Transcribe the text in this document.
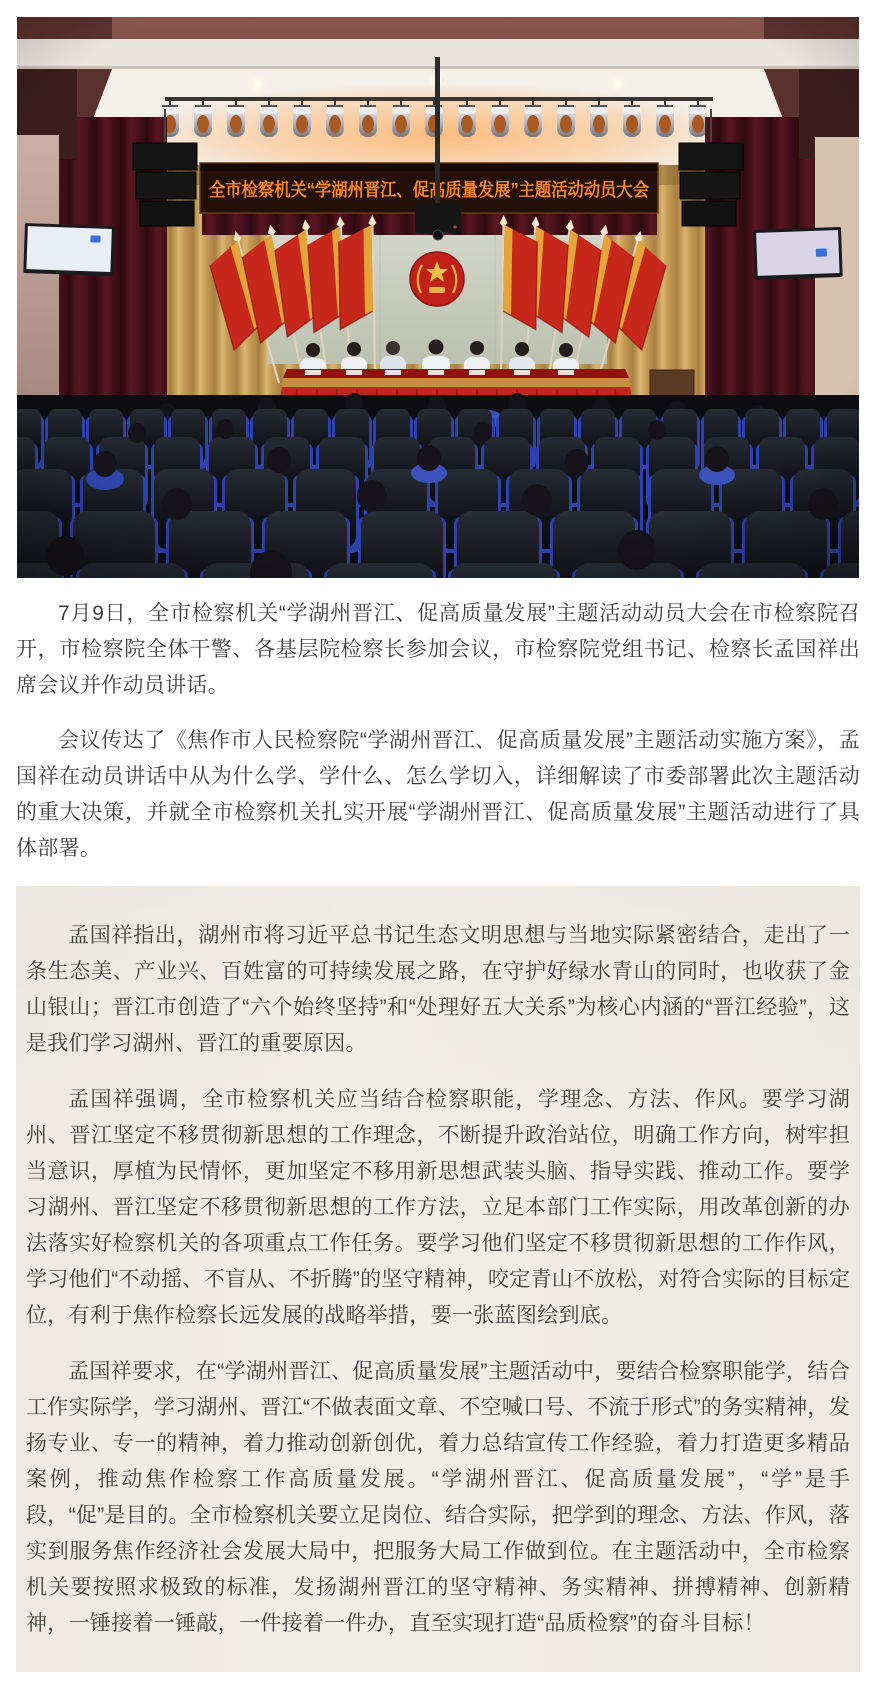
7月9日，全市检察机关“学湖州晋江、促高质量发展”主题活动动员大会在市检察院召开，市检察院全体干警、各基层院检察长参加会议，市检察院党组书记、检察长孟国祥出席会议并作动员讲话。

会议传达了《焦作市人民检察院“学湖州晋江、促高质量发展”主题活动实施方案》，孟国祥在动员讲话中从为什么学、学什么、怎么学切入，详细解读了市委部署此次主题活动的重大决策，并就全市检察机关扎实开展“学湖州晋江、促高质量发展”主题活动进行了具体部署。

孟国祥指出，湖州市将习近平总书记生态文明思想与当地实际紧密结合，走出了一条生态美、产业兴、百姓富的可持续发展之路，在守护好绿水青山的同时，也收获了金山银山；晋江市创造了“六个始终坚持”和“处理好五大关系”为核心内涵的“晋江经验”，这是我们学习湖州、晋江的重要原因。

孟国祥强调，全市检察机关应当结合检察职能，学理念、方法、作风。要学习湖州、晋江坚定不移贯彻新思想的工作理念，不断提升政治站位，明确工作方向，树牢担当意识，厚植为民情怀，更加坚定不移用新思想武装头脑、指导实践、推动工作。要学习湖州、晋江坚定不移贯彻新思想的工作方法，立足本部门工作实际，用改革创新的办法落实好检察机关的各项重点工作任务。要学习他们坚定不移贯彻新思想的工作作风，学习他们“不动摇、不盲从、不折腾”的坚守精神，咬定青山不放松，对符合实际的目标定位，有利于焦作检察长远发展的战略举措，要一张蓝图绘到底。

孟国祥要求，在“学湖州晋江、促高质量发展”主题活动中，要结合检察职能学，结合工作实际学，学习湖州、晋江“不做表面文章、不空喊口号、不流于形式”的务实精神，发扬专业、专一的精神，着力推动创新创优，着力总结宣传工作经验，着力打造更多精品案例，推动焦作检察工作高质量发展。“学湖州晋江、促高质量发展”，“学”是手段，“促”是目的。全市检察机关要立足岗位、结合实际，把学到的理念、方法、作风，落实到服务焦作经济社会发展大局中，把服务大局工作做到位。在主题活动中，全市检察机关要按照求极致的标准，发扬湖州晋江的坚守精神、务实精神、拼搏精神、创新精神，一锤接着一锤敲，一件接着一件办，直至实现打造“品质检察”的奋斗目标！
